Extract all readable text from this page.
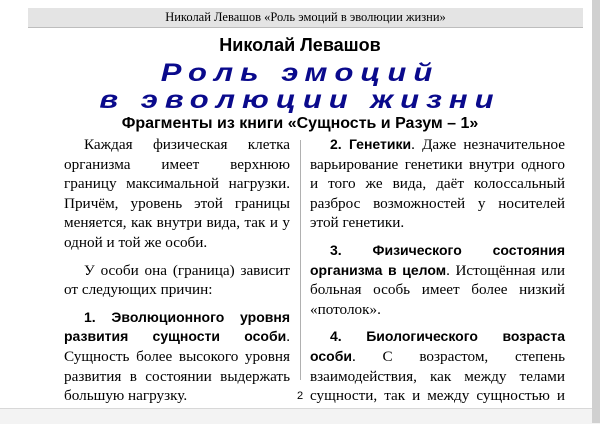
Николай Левашов «Роль эмоций в эволюции жизни»
Николай Левашов
Роль эмоций
в эволюции жизни
Фрагменты из книги «Сущность и Разум – 1»

Каждая физическая клетка организма имеет верхнюю границу максимальной нагрузки. Причём, уровень этой границы меняется, как внутри вида, так и у одной и той же особи.

У особи она (граница) зависит от следующих причин:

1. Эволюционного уровня развития сущности особи. Сущность более высокого уровня развития в состоянии выдержать большую нагрузку.

2. Генетики. Даже незначительное варьирование генетики внутри одного и того же вида, даёт колоссальный разброс возможностей у носителей этой генетики.

3. Физического состояния организма в целом. Истощённая или больная особь имеет более низкий «потолок».

4. Биологического возраста особи. С возрастом, степень взаимодействия, как между телами сущности, так и между сущностью и

2
